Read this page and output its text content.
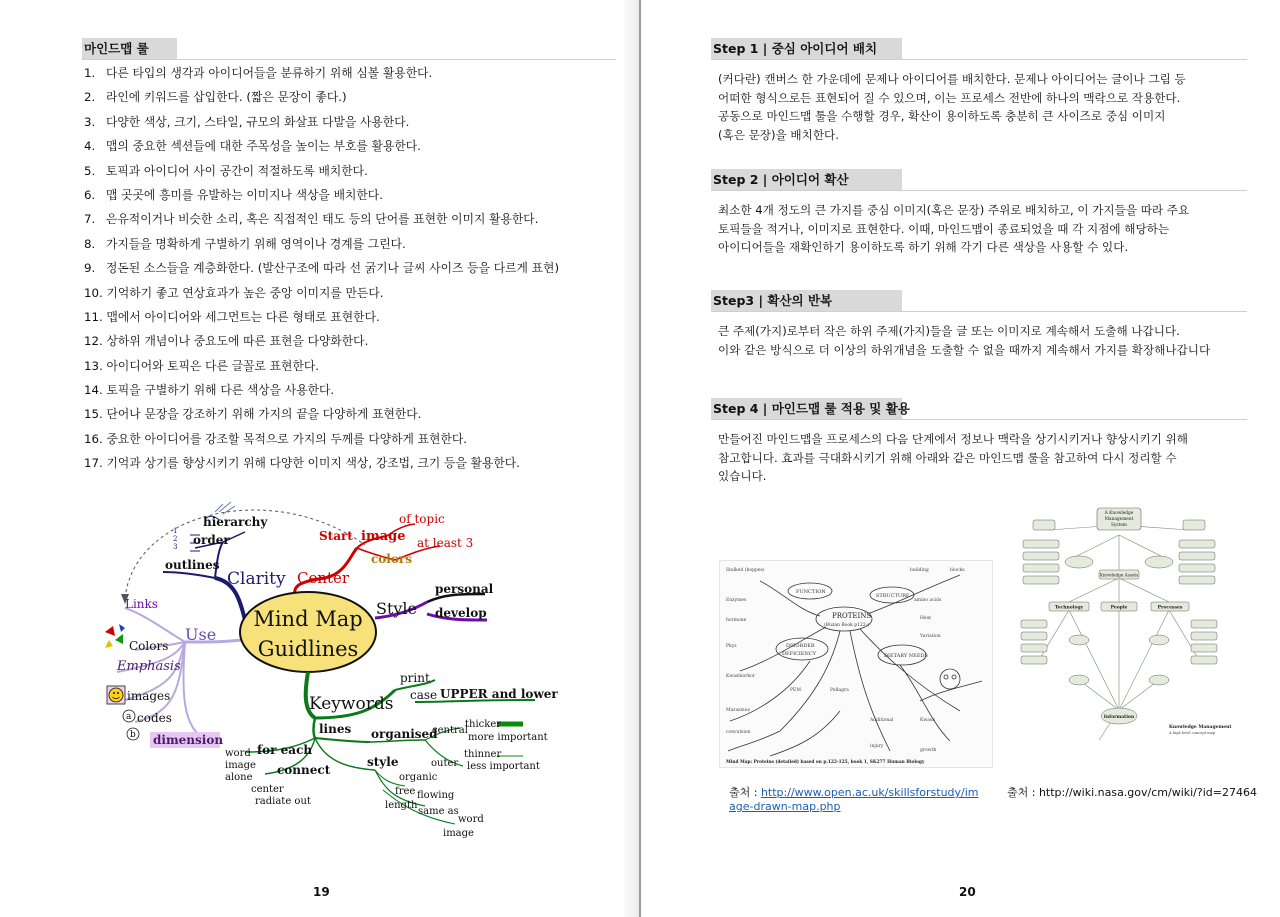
마인드맵 룰
1. 다른 타입의 생각과 아이디어들을 분류하기 위해 심볼 활용한다.
2. 라인에 키워드를 삽입한다. (짧은 문장이 좋다.)
3. 다양한 색상, 크기, 스타일, 규모의 화살표 다발을 사용한다.
4. 맵의 중요한 섹션들에 대한 주목성을 높이는 부호를 활용한다.
5. 토픽과 아이디어 사이 공간이 적절하도록 배치한다.
6. 맵 곳곳에 흥미를 유발하는 이미지나 색상을 배치한다.
7. 은유적이거나 비슷한 소리, 혹은 직접적인 태도 등의 단어를 표현한 이미지 활용한다.
8. 가지들을 명확하게 구별하기 위해 영역이나 경계를 그린다.
9. 정돈된 소스들을 계층화한다. (발산구조에 따라 선 굵기나 글씨 사이즈 등을 다르게 표현)
10. 기억하기 좋고 연상효과가 높은 중앙 이미지를 만든다.
11. 맵에서 아이디어와 세그먼트는 다른 형태로 표현한다.
12. 상하위 개념이나 중요도에 따른 표현을 다양화한다.
13. 아이디어와 토픽은 다른 글꼴로 표현한다.
14. 토픽을 구별하기 위해 다른 색상을 사용한다.
15. 단어나 문장을 강조하기 위해 가지의 끝을 다양하게 표현한다.
16. 중요한 아이디어를 강조할 목적으로 가지의 두께를 다양하게 표현한다.
17. 기억과 상기를 향상시키기 위해 다양한 이미지 색상, 강조법, 크기 등을 활용한다.
1
2
3
hierarchy
order
outlines
Clarity Center
Start image
of topic
colors
at least 3
Style
personal
develop
Use
Links
Colors
Emphasis
images
a
b
codes
dimension
Mind Map
Guidlines
Keywords
print
case UPPER and lower
lines organised
central
thicker
more important
thinner
less important
outer
word
image
alone
for each
connect
center
radiate out
style
organic
free flowing
length
same as
word
image
19
Step 1 | 중심 아이디어 배치
(커다란) 캔버스 한 가운데에 문제나 아이디어를 배치한다. 문제나 아이디어는 글이나 그림 등
어떠한 형식으로든 표현되어 질 수 있으며, 이는 프로세스 전반에 하나의 맥락으로 작용한다.
공동으로 마인드맵 툴을 수행할 경우, 확산이 용이하도록 충분히 큰 사이즈로 중심 이미지
(혹은 문장)을 배치한다.
Step 2 | 아이디어 확산
최소한 4개 정도의 큰 가지를 중심 이미지(혹은 문장) 주위로 배치하고, 이 가지들을 따라 주요
토픽들을 적거나, 이미지로 표현한다. 이때, 마인드맵이 종료되었을 때 각 지점에 해당하는
아이디어들을 재확인하기 용이하도록 하기 위해 각기 다른 색상을 사용할 수 있다.
Step3 | 확산의 반복
큰 주제(가지)로부터 작은 하위 주제(가지)들을 글 또는 이미지로 계속해서 도출해 나갑니다.
이와 같은 방식으로 더 이상의 하위개념을 도출할 수 없을 때까지 계속해서 가지를 확장해나갑니다
Step 4 | 마인드맵 룰 적용 및 활용
만들어진 마인드맵을 프로세스의 다음 단계에서 정보나 맥락을 상기시키거나 향상시키기 위해
참고합니다. 효과를 극대화시키기 위해 아래와 같은 마인드맵 룰을 참고하여 다시 정리할 수
있습니다.
Stalked (hoppes)
Enzymes
hormone
building	blocks
amino acids
Heat
Variation
Pkys
Kwashiorkor
Marasmus
convulsion
PEM	Pellagra
Additional	Kwash
injury
growth
PROTEINS
(Buzan Book p122-)
FUNCTION
STRUCTURE
DISORDER
DEFICIENCY	DIETARY NEEDS
Mind Map: Proteins (detailed) based on p.122-125, book 1, SK277 Human Biology
A Knowledge
Management
System
Knowledge Assets
Technology	People	Processes
Information
Knowledge Management
A high level concept map
출처 : http://www.open.ac.uk/skillsforstudy/im
age-drawn-map.php
출처 : http://wiki.nasa.gov/cm/wiki/?id=27464
20
